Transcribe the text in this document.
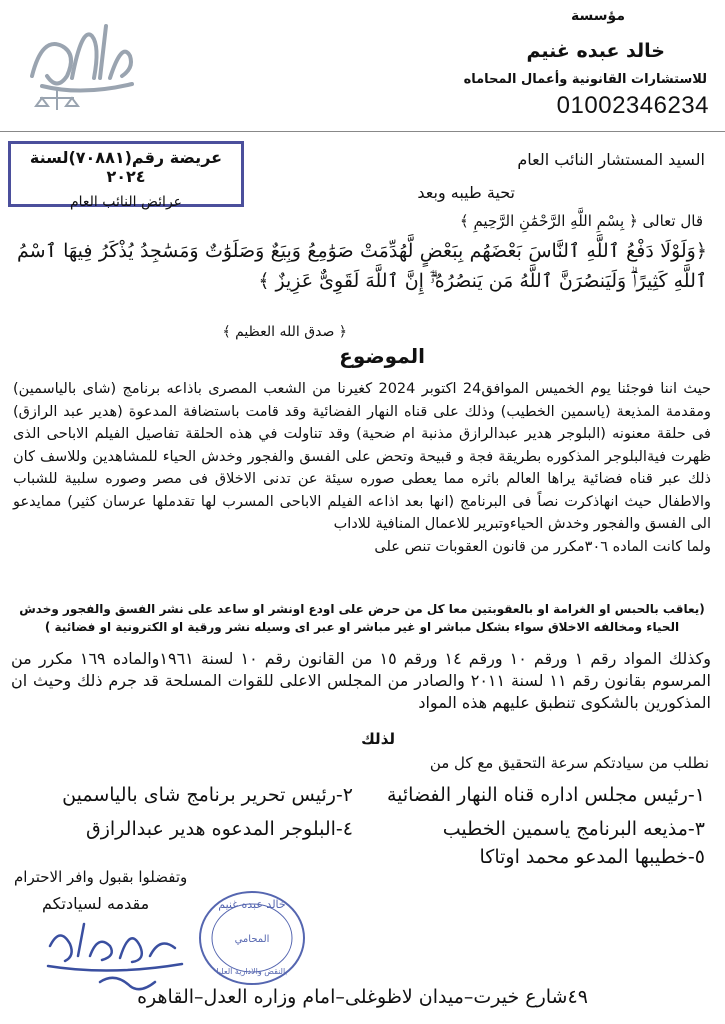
مؤسسة
خالد عبده غنيم
للاستشارات القانونية وأعمال المحاماه
01002346234
عريضة رقم(٧٠٨٨١)لسنة ٢٠٢٤
عرائض النائب العام
السيد المستشار النائب العام
تحية طيبه وبعد
قال تعالى ﴿ بِسْمِ اللَّهِ الرَّحْمَٰنِ الرَّحِيمِ ﴾
﴿وَلَوْلَا دَفْعُ ٱللَّهِ ٱلنَّاسَ بَعْضَهُم بِبَعْضٍ لَّهُدِّمَتْ صَوَٰمِعُ وَبِيَعٌ وَصَلَوَٰتٌ وَمَسَٰجِدُ يُذْكَرُ فِيهَا ٱسْمُ ٱللَّهِ كَثِيرًاۗ وَلَيَنصُرَنَّ ٱللَّهُ مَن يَنصُرُهُۥٓۗ إِنَّ ٱللَّهَ لَقَوِىٌّ عَزِيزٌ ﴾
﴿ صدق الله العظيم ﴾
الموضوع

حيث اننا فوجئنا يوم الخميس الموافق24 اكتوبر 2024 كغيرنا من الشعب المصرى باذاعه برنامج (شاى بالياسمين) ومقدمة المذيعة (ياسمين الخطيب) وذلك على قناه النهار الفضائية وقد قامت باستضافة المدعوة (هدير عبد الرازق) فى حلقة معنونه (البلوجر هدير عبدالرازق مذنبة ام ضحية) وقد تناولت في هذه الحلقة تفاصيل الفيلم الاباحى الذى ظهرت فيةالبلوجر المذكوره بطريقة فجة و قبيحة وتحض على الفسق والفجور وخدش الحياء للمشاهدين وللاسف كان ذلك عبر قناه فضائية يراها العالم باثره مما يعطى صوره سيئة عن تدنى الاخلاق فى مصر وصوره سلبية للشباب والاطفال حيث انهاذكرت نصاً فى البرنامج (انها بعد اذاعه الفيلم الاباحى المسرب لها تقدملها عرسان كثير) ممايدعو الى الفسق والفجور وخدش الحياءوتبرير للاعمال المنافية للاداب

ولما كانت الماده ٣٠٦مكرر من قانون العقوبات تنص على

(يعاقب بالحبس او الغرامة او بالعقوبتين معا كل من حرض على اودع اونشر او ساعد على نشر الفسق والفجور وخدش الحياء ومخالفه الاخلاق سواء بشكل مباشر او غير مباشر او عبر اى وسيله نشر ورقية او الكترونية او فضائية )
وكذلك المواد رقم ١ ورقم ١٠ ورقم ١٤ ورقم ١٥ من القانون رقم ١٠ لسنة ١٩٦١والماده ١٦٩ مكرر من المرسوم بقانون رقم ١١ لسنة ٢٠١١ والصادر من المجلس الاعلى للقوات المسلحة قد جرم ذلك وحيث ان المذكورين بالشكوى تنطبق عليهم هذه المواد
لذلك
نطلب من سيادتكم سرعة التحقيق مع كل من
١-رئيس مجلس اداره قناه النهار الفضائية
٢-رئيس تحرير برنامج شاى بالياسمين
٣-مذيعه البرنامج ياسمين الخطيب
٤-البلوجر المدعوه هدير عبدالرازق
٥-خطيبها المدعو محمد اوتاكا
وتفضلوا بقبول وافر الاحترام
مقدمه لسيادتكم	خالد عبده غنيم
المحامي
بالنقض والادارية العليا
٤٩شارع خيرت–ميدان لاظوغلى–امام وزاره العدل–القاهره
